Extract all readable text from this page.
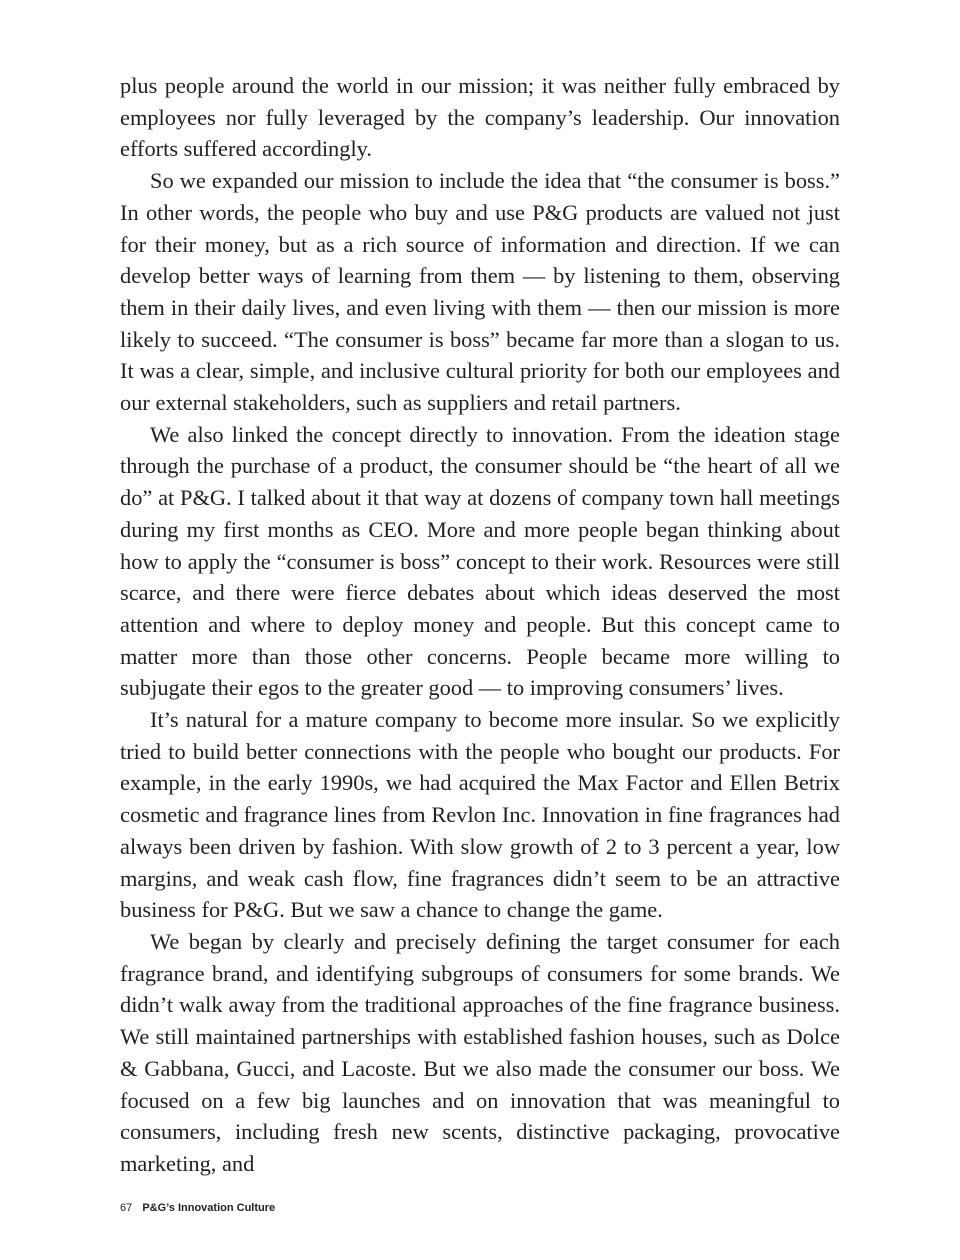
plus people around the world in our mission; it was neither fully embraced by employees nor fully leveraged by the company’s leadership. Our innovation efforts suffered accordingly.

So we expanded our mission to include the idea that “the consumer is boss.” In other words, the people who buy and use P&G products are valued not just for their money, but as a rich source of information and direction. If we can develop better ways of learning from them — by listening to them, observing them in their daily lives, and even living with them — then our mission is more likely to succeed. “The consumer is boss” became far more than a slogan to us. It was a clear, simple, and inclusive cultural priority for both our employees and our external stakeholders, such as suppliers and retail partners.

We also linked the concept directly to innovation. From the ideation stage through the purchase of a product, the consumer should be “the heart of all we do” at P&G. I talked about it that way at dozens of company town hall meetings during my first months as CEO. More and more people began thinking about how to apply the “consumer is boss” concept to their work. Resources were still scarce, and there were fierce debates about which ideas deserved the most attention and where to deploy money and people. But this concept came to matter more than those other concerns. People became more willing to subjugate their egos to the greater good — to improving consumers’ lives.

It’s natural for a mature company to become more insular. So we explicitly tried to build better connections with the people who bought our products. For example, in the early 1990s, we had acquired the Max Factor and Ellen Betrix cosmetic and fragrance lines from Revlon Inc. Innovation in fine fragrances had always been driven by fashion. With slow growth of 2 to 3 percent a year, low margins, and weak cash flow, fine fragrances didn’t seem to be an attractive business for P&G. But we saw a chance to change the game.

We began by clearly and precisely defining the target consumer for each fragrance brand, and identifying subgroups of consumers for some brands. We didn’t walk away from the traditional approaches of the fine fragrance business. We still maintained partnerships with established fashion houses, such as Dolce & Gabbana, Gucci, and Lacoste. But we also made the consumer our boss. We focused on a few big launches and on innovation that was meaningful to consumers, including fresh new scents, distinctive packaging, provocative marketing, and

67 P&G’s Innovation Culture
